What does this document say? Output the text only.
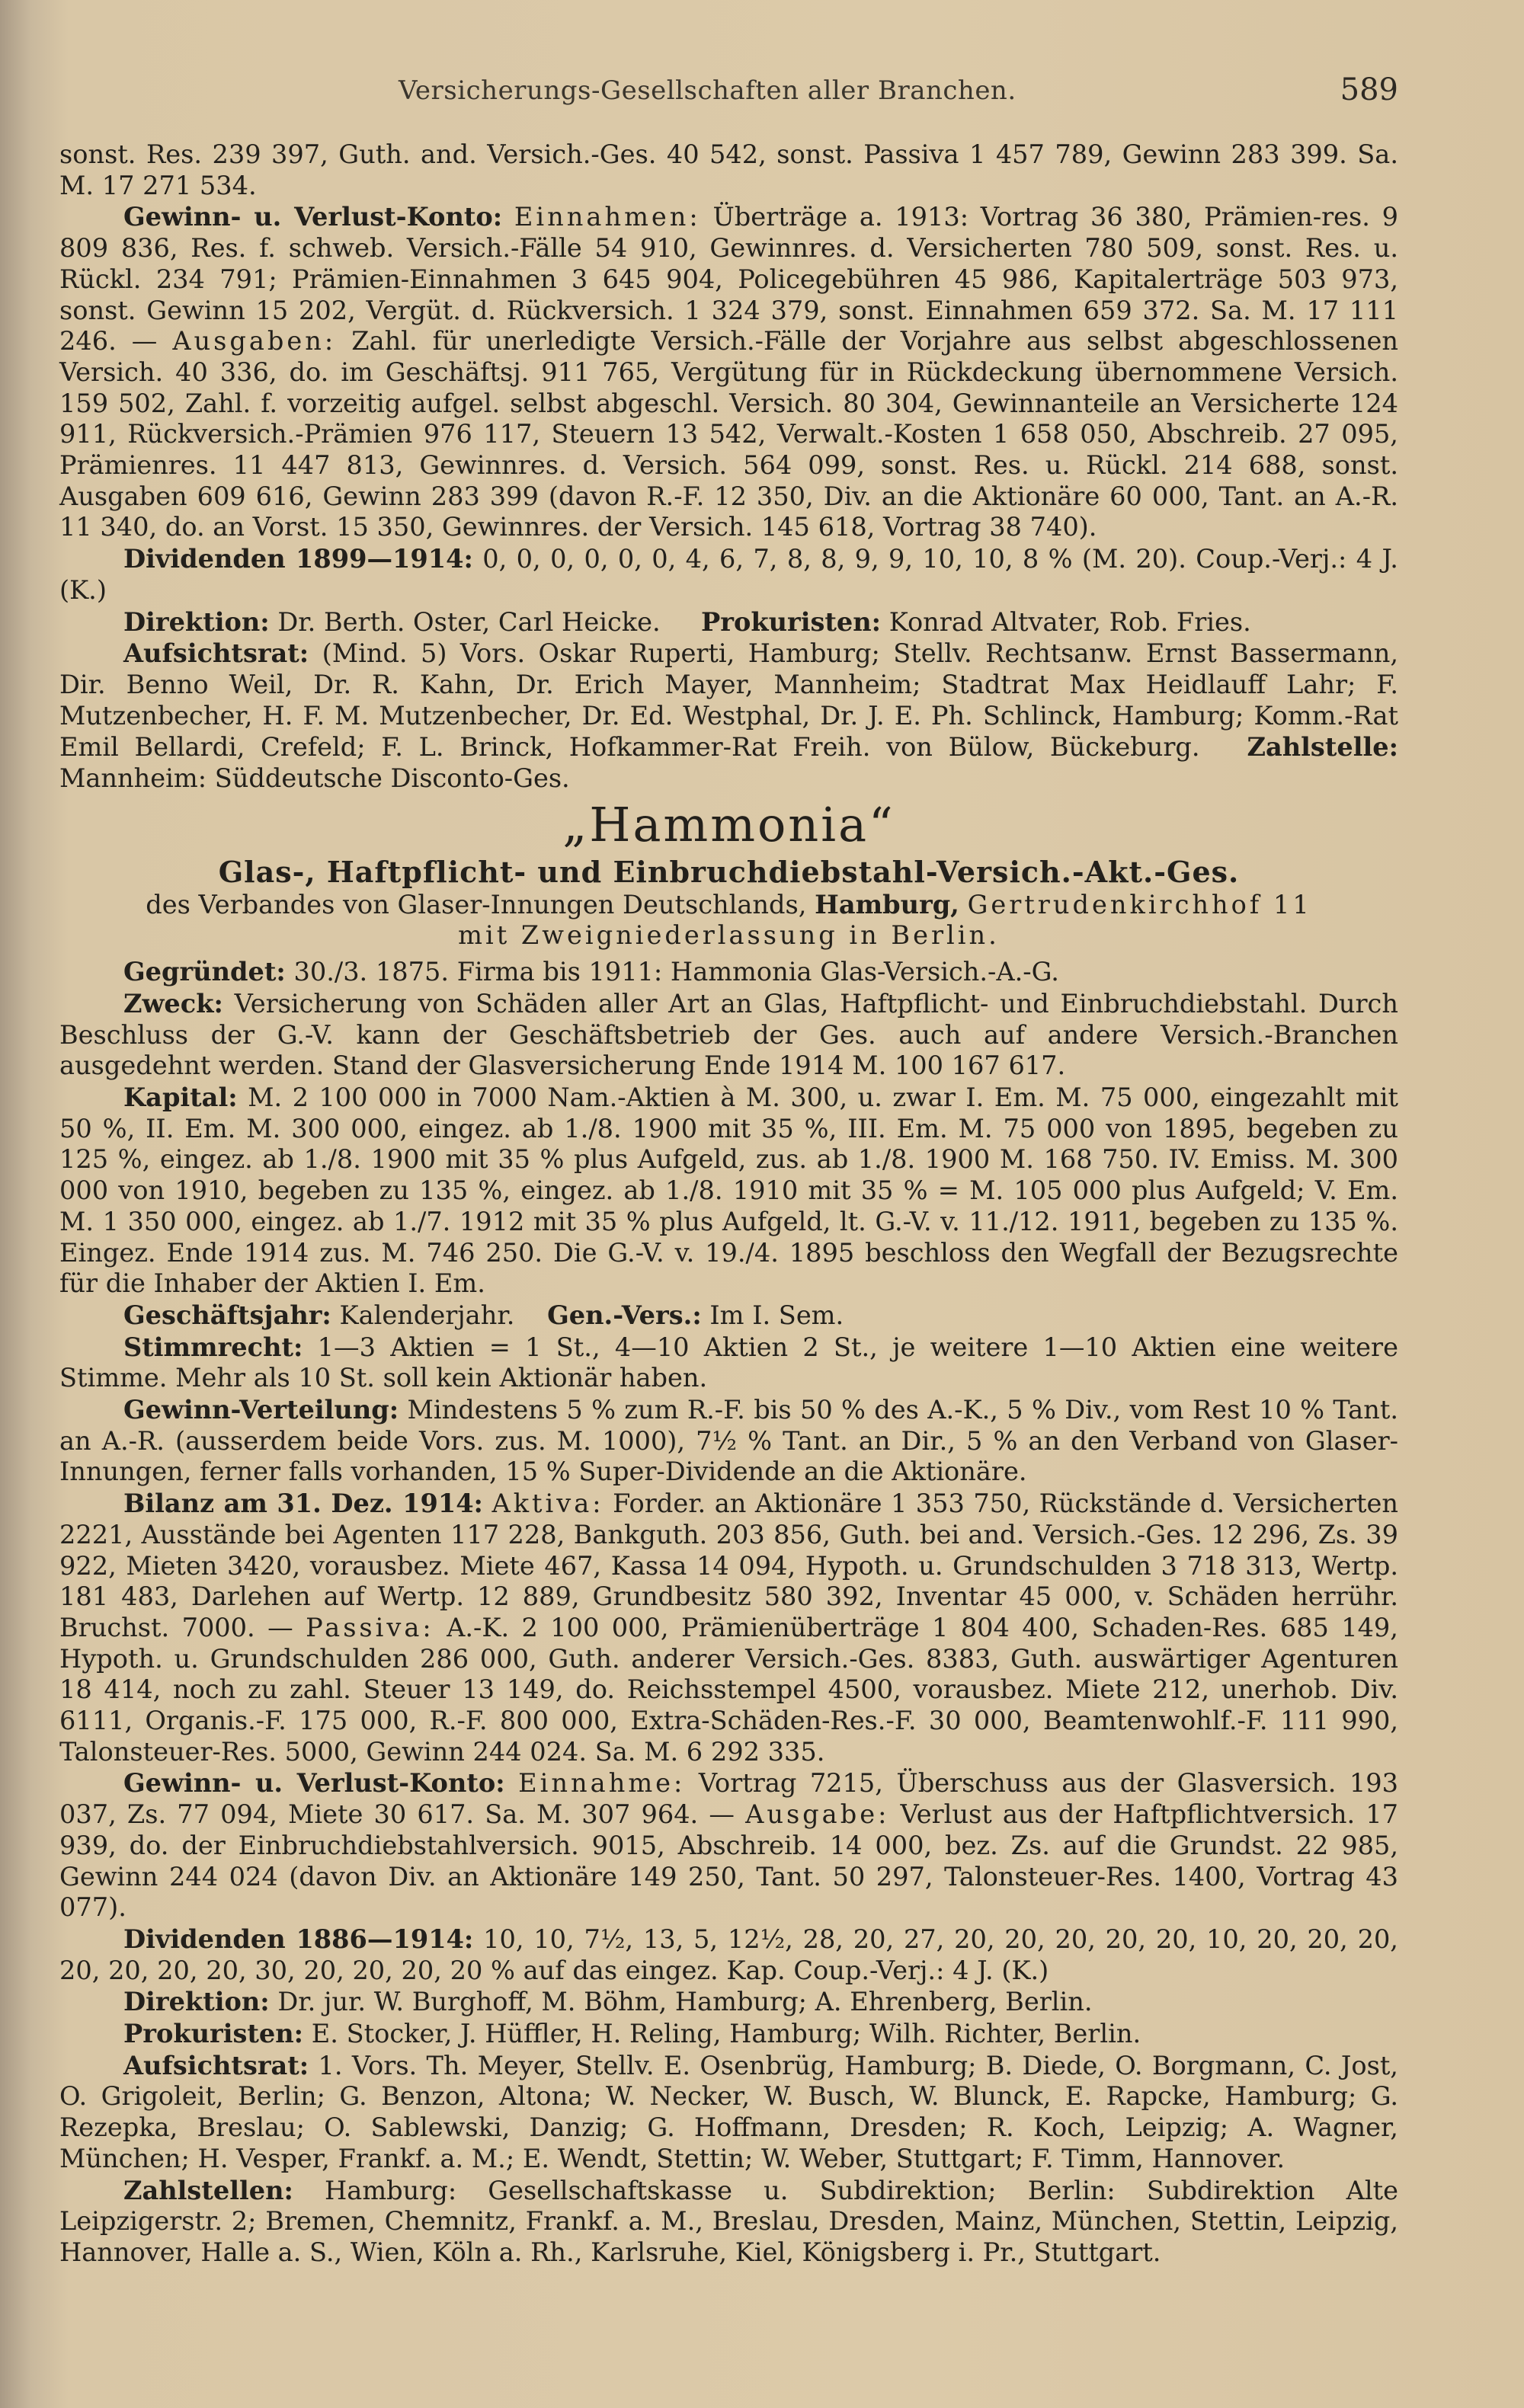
Versicherungs-Gesellschaften aller Branchen.	589

sonst. Res. 239 397, Guth. and. Versich.-Ges. 40 542, sonst. Passiva 1 457 789, Gewinn 283 399. Sa. M. 17 271 534.

Gewinn- u. Verlust-Konto: Einnahmen: Überträge a. 1913: Vortrag 36 380, Prämien-res. 9 809 836, Res. f. schweb. Versich.-Fälle 54 910, Gewinnres. d. Versicherten 780 509, sonst. Res. u. Rückl. 234 791; Prämien-Einnahmen 3 645 904, Policegebühren 45 986, Kapitalerträge 503 973, sonst. Gewinn 15 202, Vergüt. d. Rückversich. 1 324 379, sonst. Einnahmen 659 372. Sa. M. 17 111 246. — Ausgaben: Zahl. für unerledigte Versich.-Fälle der Vorjahre aus selbst abgeschlossenen Versich. 40 336, do. im Geschäftsj. 911 765, Vergütung für in Rückdeckung übernommene Versich. 159 502, Zahl. f. vorzeitig aufgel. selbst abgeschl. Versich. 80 304, Gewinnanteile an Versicherte 124 911, Rückversich.-Prämien 976 117, Steuern 13 542, Verwalt.-Kosten 1 658 050, Abschreib. 27 095, Prämienres. 11 447 813, Gewinnres. d. Versich. 564 099, sonst. Res. u. Rückl. 214 688, sonst. Ausgaben 609 616, Gewinn 283 399 (davon R.-F. 12 350, Div. an die Aktionäre 60 000, Tant. an A.-R. 11 340, do. an Vorst. 15 350, Gewinnres. der Versich. 145 618, Vortrag 38 740).

Dividenden 1899—1914: 0, 0, 0, 0, 0, 0, 4, 6, 7, 8, 8, 9, 9, 10, 10, 8 % (M. 20). Coup.-Verj.: 4 J. (K.)

Direktion: Dr. Berth. Oster, Carl Heicke. Prokuristen: Konrad Altvater, Rob. Fries.

Aufsichtsrat: (Mind. 5) Vors. Oskar Ruperti, Hamburg; Stellv. Rechtsanw. Ernst Bassermann, Dir. Benno Weil, Dr. R. Kahn, Dr. Erich Mayer, Mannheim; Stadtrat Max Heidlauff Lahr; F. Mutzenbecher, H. F. M. Mutzenbecher, Dr. Ed. Westphal, Dr. J. E. Ph. Schlinck, Hamburg; Komm.-Rat Emil Bellardi, Crefeld; F. L. Brinck, Hofkammer-Rat Freih. von Bülow, Bückeburg. Zahlstelle: Mannheim: Süddeutsche Disconto-Ges.

„Hammonia“

Glas-, Haftpflicht- und Einbruchdiebstahl-Versich.-Akt.-Ges.

des Verbandes von Glaser-Innungen Deutschlands, Hamburg, Gertrudenkirchhof 11

mit Zweigniederlassung in Berlin.

Gegründet: 30./3. 1875. Firma bis 1911: Hammonia Glas-Versich.-A.-G.

Zweck: Versicherung von Schäden aller Art an Glas, Haftpflicht- und Einbruchdiebstahl. Durch Beschluss der G.-V. kann der Geschäftsbetrieb der Ges. auch auf andere Versich.-Branchen ausgedehnt werden. Stand der Glasversicherung Ende 1914 M. 100 167 617.

Kapital: M. 2 100 000 in 7000 Nam.-Aktien à M. 300, u. zwar I. Em. M. 75 000, eingezahlt mit 50 %, II. Em. M. 300 000, eingez. ab 1./8. 1900 mit 35 %, III. Em. M. 75 000 von 1895, begeben zu 125 %, eingez. ab 1./8. 1900 mit 35 % plus Aufgeld, zus. ab 1./8. 1900 M. 168 750. IV. Emiss. M. 300 000 von 1910, begeben zu 135 %, eingez. ab 1./8. 1910 mit 35 % = M. 105 000 plus Aufgeld; V. Em. M. 1 350 000, eingez. ab 1./7. 1912 mit 35 % plus Aufgeld, lt. G.-V. v. 11./12. 1911, begeben zu 135 %. Eingez. Ende 1914 zus. M. 746 250. Die G.-V. v. 19./4. 1895 beschloss den Wegfall der Bezugsrechte für die Inhaber der Aktien I. Em.

Geschäftsjahr: Kalenderjahr. Gen.-Vers.: Im I. Sem.

Stimmrecht: 1—3 Aktien = 1 St., 4—10 Aktien 2 St., je weitere 1—10 Aktien eine weitere Stimme. Mehr als 10 St. soll kein Aktionär haben.

Gewinn-Verteilung: Mindestens 5 % zum R.-F. bis 50 % des A.-K., 5 % Div., vom Rest 10 % Tant. an A.-R. (ausserdem beide Vors. zus. M. 1000), 7½ % Tant. an Dir., 5 % an den Verband von Glaser-Innungen, ferner falls vorhanden, 15 % Super-Dividende an die Aktionäre.

Bilanz am 31. Dez. 1914: Aktiva: Forder. an Aktionäre 1 353 750, Rückstände d. Versicherten 2221, Ausstände bei Agenten 117 228, Bankguth. 203 856, Guth. bei and. Versich.-Ges. 12 296, Zs. 39 922, Mieten 3420, vorausbez. Miete 467, Kassa 14 094, Hypoth. u. Grundschulden 3 718 313, Wertp. 181 483, Darlehen auf Wertp. 12 889, Grundbesitz 580 392, Inventar 45 000, v. Schäden herrühr. Bruchst. 7000. — Passiva: A.-K. 2 100 000, Prämienüberträge 1 804 400, Schaden-Res. 685 149, Hypoth. u. Grundschulden 286 000, Guth. anderer Versich.-Ges. 8383, Guth. auswärtiger Agenturen 18 414, noch zu zahl. Steuer 13 149, do. Reichsstempel 4500, vorausbez. Miete 212, unerhob. Div. 6111, Organis.-F. 175 000, R.-F. 800 000, Extra-Schäden-Res.-F. 30 000, Beamtenwohlf.-F. 111 990, Talonsteuer-Res. 5000, Gewinn 244 024. Sa. M. 6 292 335.

Gewinn- u. Verlust-Konto: Einnahme: Vortrag 7215, Überschuss aus der Glasversich. 193 037, Zs. 77 094, Miete 30 617. Sa. M. 307 964. — Ausgabe: Verlust aus der Haftpflichtversich. 17 939, do. der Einbruchdiebstahlversich. 9015, Abschreib. 14 000, bez. Zs. auf die Grundst. 22 985, Gewinn 244 024 (davon Div. an Aktionäre 149 250, Tant. 50 297, Talonsteuer-Res. 1400, Vortrag 43 077).

Dividenden 1886—1914: 10, 10, 7½, 13, 5, 12½, 28, 20, 27, 20, 20, 20, 20, 20, 10, 20, 20, 20, 20, 20, 20, 20, 30, 20, 20, 20, 20 % auf das eingez. Kap. Coup.-Verj.: 4 J. (K.)

Direktion: Dr. jur. W. Burghoff, M. Böhm, Hamburg; A. Ehrenberg, Berlin.

Prokuristen: E. Stocker, J. Hüffler, H. Reling, Hamburg; Wilh. Richter, Berlin.

Aufsichtsrat: 1. Vors. Th. Meyer, Stellv. E. Osenbrüg, Hamburg; B. Diede, O. Borgmann, C. Jost, O. Grigoleit, Berlin; G. Benzon, Altona; W. Necker, W. Busch, W. Blunck, E. Rapcke, Hamburg; G. Rezepka, Breslau; O. Sablewski, Danzig; G. Hoffmann, Dresden; R. Koch, Leipzig; A. Wagner, München; H. Vesper, Frankf. a. M.; E. Wendt, Stettin; W. Weber, Stuttgart; F. Timm, Hannover.

Zahlstellen: Hamburg: Gesellschaftskasse u. Subdirektion; Berlin: Subdirektion Alte Leipzigerstr. 2; Bremen, Chemnitz, Frankf. a. M., Breslau, Dresden, Mainz, München, Stettin, Leipzig, Hannover, Halle a. S., Wien, Köln a. Rh., Karlsruhe, Kiel, Königsberg i. Pr., Stuttgart.
